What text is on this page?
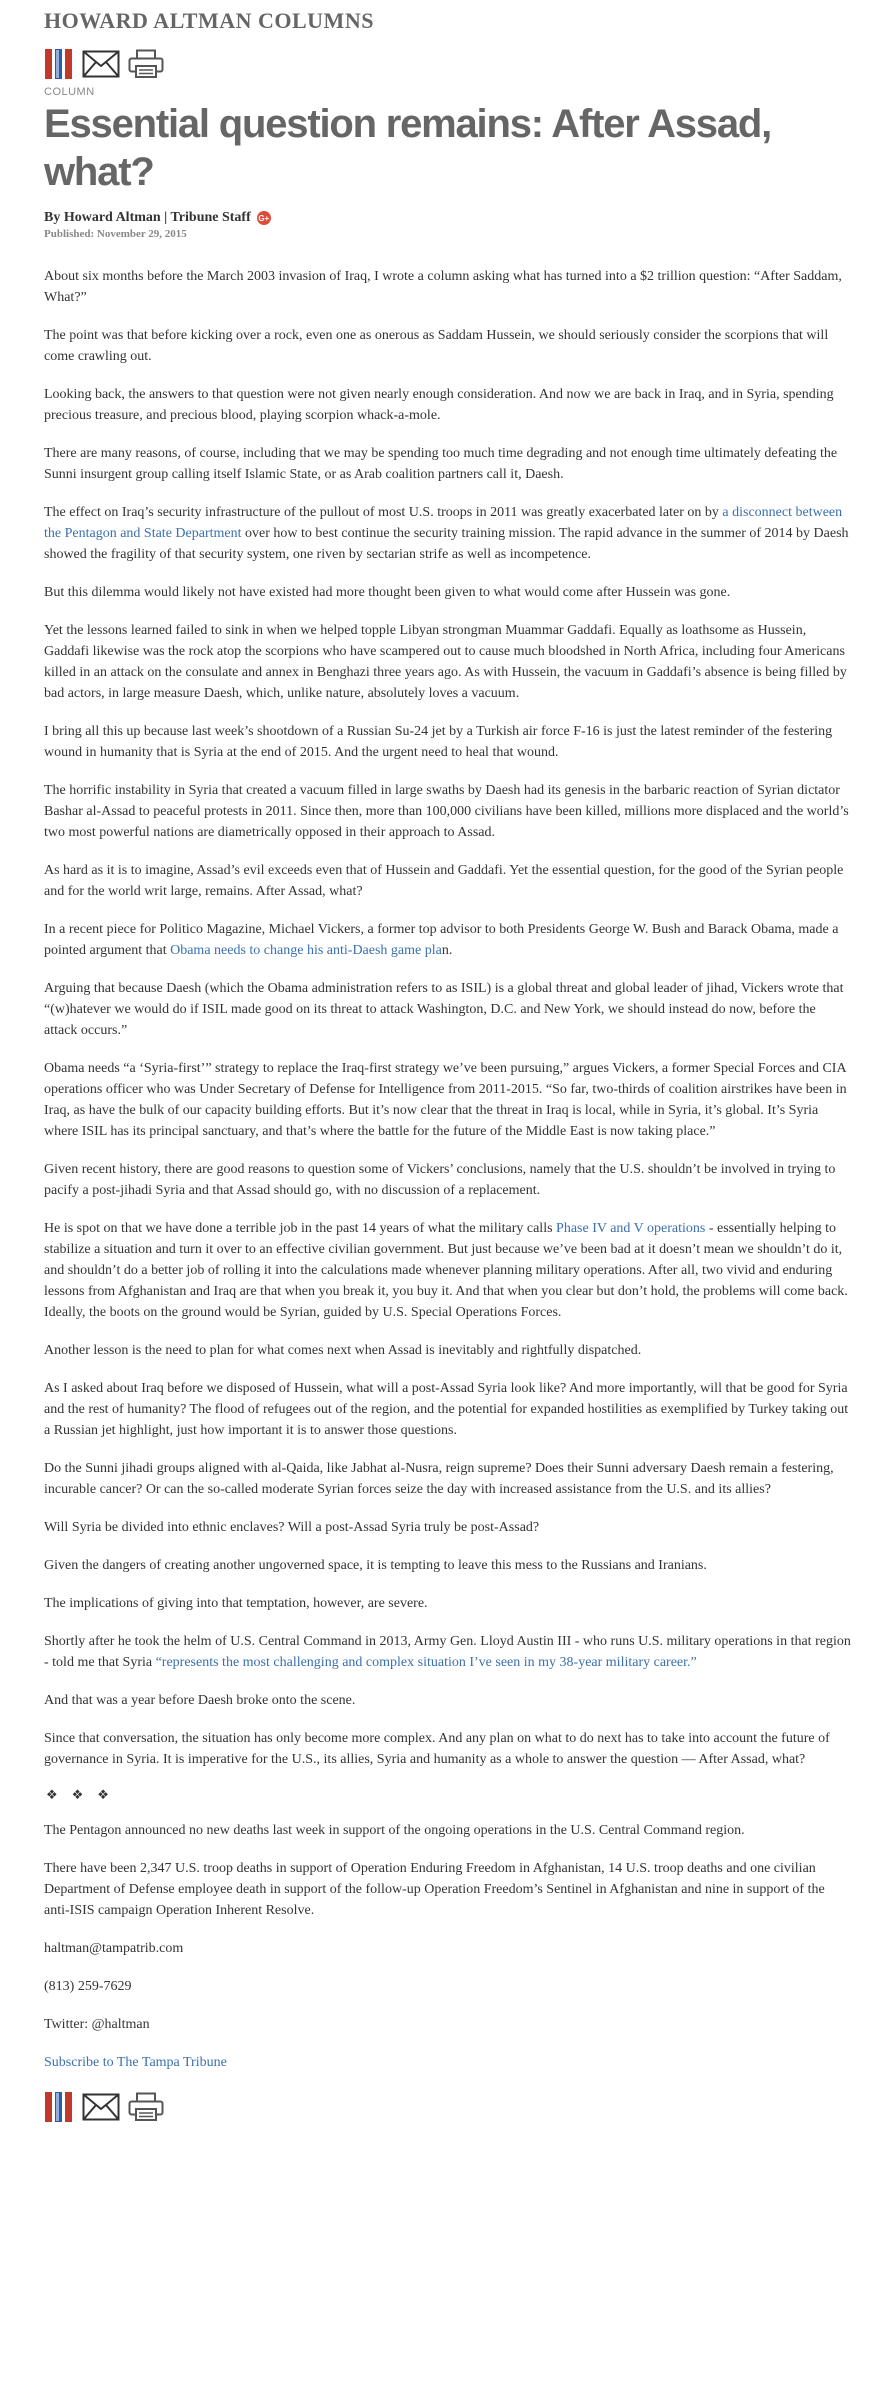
HOWARD ALTMAN COLUMNS
COLUMN
Essential question remains: After Assad, what?
By Howard Altman | Tribune Staff G+
Published: November 29, 2015

About six months before the March 2003 invasion of Iraq, I wrote a column asking what has turned into a $2 trillion question: “After Saddam, What?”

The point was that before kicking over a rock, even one as onerous as Saddam Hussein, we should seriously consider the scorpions that will come crawling out.

Looking back, the answers to that question were not given nearly enough consideration. And now we are back in Iraq, and in Syria, spending precious treasure, and precious blood, playing scorpion whack-a-mole.

There are many reasons, of course, including that we may be spending too much time degrading and not enough time ultimately defeating the Sunni insurgent group calling itself Islamic State, or as Arab coalition partners call it, Daesh.

The effect on Iraq’s security infrastructure of the pullout of most U.S. troops in 2011 was greatly exacerbated later on by a disconnect between the Pentagon and State Department over how to best continue the security training mission. The rapid advance in the summer of 2014 by Daesh showed the fragility of that security system, one riven by sectarian strife as well as incompetence.

But this dilemma would likely not have existed had more thought been given to what would come after Hussein was gone.

Yet the lessons learned failed to sink in when we helped topple Libyan strongman Muammar Gaddafi. Equally as loathsome as Hussein, Gaddafi likewise was the rock atop the scorpions who have scampered out to cause much bloodshed in North Africa, including four Americans killed in an attack on the consulate and annex in Benghazi three years ago. As with Hussein, the vacuum in Gaddafi’s absence is being filled by bad actors, in large measure Daesh, which, unlike nature, absolutely loves a vacuum.

I bring all this up because last week’s shootdown of a Russian Su-24 jet by a Turkish air force F-16 is just the latest reminder of the festering wound in humanity that is Syria at the end of 2015. And the urgent need to heal that wound.

The horrific instability in Syria that created a vacuum filled in large swaths by Daesh had its genesis in the barbaric reaction of Syrian dictator Bashar al-Assad to peaceful protests in 2011. Since then, more than 100,000 civilians have been killed, millions more displaced and the world’s two most powerful nations are diametrically opposed in their approach to Assad.

As hard as it is to imagine, Assad’s evil exceeds even that of Hussein and Gaddafi. Yet the essential question, for the good of the Syrian people and for the world writ large, remains. After Assad, what?

In a recent piece for Politico Magazine, Michael Vickers, a former top advisor to both Presidents George W. Bush and Barack Obama, made a pointed argument that Obama needs to change his anti-Daesh game plan.

Arguing that because Daesh (which the Obama administration refers to as ISIL) is a global threat and global leader of jihad, Vickers wrote that “(w)hatever we would do if ISIL made good on its threat to attack Washington, D.C. and New York, we should instead do now, before the attack occurs.”

Obama needs “a ‘Syria-first’” strategy to replace the Iraq-first strategy we’ve been pursuing,” argues Vickers, a former Special Forces and CIA operations officer who was Under Secretary of Defense for Intelligence from 2011-2015. “So far, two-thirds of coalition airstrikes have been in Iraq, as have the bulk of our capacity building efforts. But it’s now clear that the threat in Iraq is local, while in Syria, it’s global. It’s Syria where ISIL has its principal sanctuary, and that’s where the battle for the future of the Middle East is now taking place.”

Given recent history, there are good reasons to question some of Vickers’ conclusions, namely that the U.S. shouldn’t be involved in trying to pacify a post-jihadi Syria and that Assad should go, with no discussion of a replacement.

He is spot on that we have done a terrible job in the past 14 years of what the military calls Phase IV and V operations - essentially helping to stabilize a situation and turn it over to an effective civilian government. But just because we’ve been bad at it doesn’t mean we shouldn’t do it, and shouldn’t do a better job of rolling it into the calculations made whenever planning military operations. After all, two vivid and enduring lessons from Afghanistan and Iraq are that when you break it, you buy it. And that when you clear but don’t hold, the problems will come back. Ideally, the boots on the ground would be Syrian, guided by U.S. Special Operations Forces.

Another lesson is the need to plan for what comes next when Assad is inevitably and rightfully dispatched.

As I asked about Iraq before we disposed of Hussein, what will a post-Assad Syria look like? And more importantly, will that be good for Syria and the rest of humanity? The flood of refugees out of the region, and the potential for expanded hostilities as exemplified by Turkey taking out a Russian jet highlight, just how important it is to answer those questions.

Do the Sunni jihadi groups aligned with al-Qaida, like Jabhat al-Nusra, reign supreme? Does their Sunni adversary Daesh remain a festering, incurable cancer? Or can the so-called moderate Syrian forces seize the day with increased assistance from the U.S. and its allies?

Will Syria be divided into ethnic enclaves? Will a post-Assad Syria truly be post-Assad?

Given the dangers of creating another ungoverned space, it is tempting to leave this mess to the Russians and Iranians.

The implications of giving into that temptation, however, are severe.

Shortly after he took the helm of U.S. Central Command in 2013, Army Gen. Lloyd Austin III - who runs U.S. military operations in that region - told me that Syria “represents the most challenging and complex situation I’ve seen in my 38-year military career.”

And that was a year before Daesh broke onto the scene.

Since that conversation, the situation has only become more complex. And any plan on what to do next has to take into account the future of governance in Syria. It is imperative for the U.S., its allies, Syria and humanity as a whole to answer the question — After Assad, what?

❖❖❖

The Pentagon announced no new deaths last week in support of the ongoing operations in the U.S. Central Command region.

There have been 2,347 U.S. troop deaths in support of Operation Enduring Freedom in Afghanistan, 14 U.S. troop deaths and one civilian Department of Defense employee death in support of the follow-up Operation Freedom’s Sentinel in Afghanistan and nine in support of the anti-ISIS campaign Operation Inherent Resolve.

haltman@tampatrib.com

(813) 259-7629

Twitter: @haltman

Subscribe to The Tampa Tribune
